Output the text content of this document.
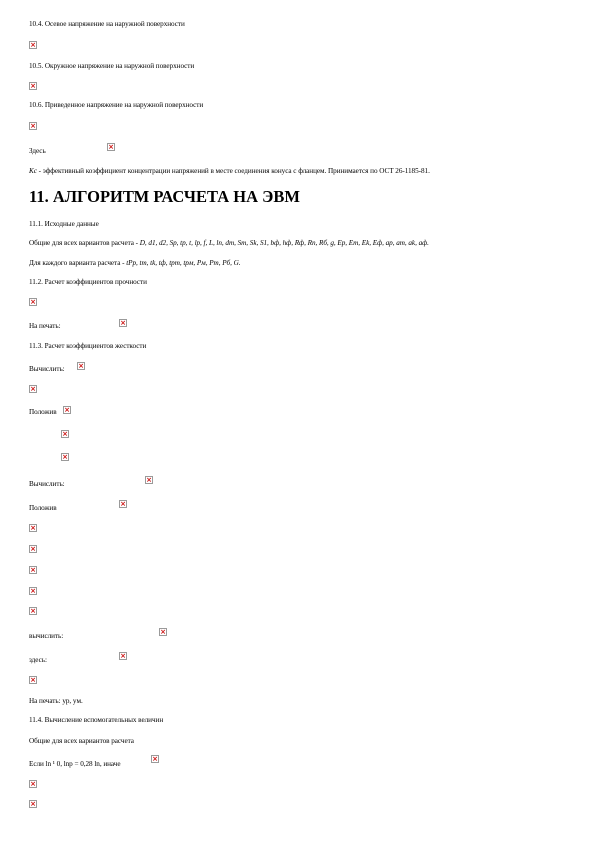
10.4. Осевое напряжение на наружной поверхности
×
10.5. Окружное напряжение на наружной поверхности
×
10.6. Приведенное напряжение на наружной поверхности
×
Здесь	×
Kc - эффективный коэффициент концентрации напряжений в месте соединения конуса с фланцем. Принимается по ОСТ 26-1185-81.
11. АЛГОРИТМ РАСЧЕТА НА ЭВМ
11.1. Исходные данные
Общие для всех вариантов расчета - D, d1, d2, Sp, tp, t, lp, f, L, ln, dm, Sm, Sk, S1, bф, hф, Rф, Rn, Rб, g, Ep, Em, Ek, Eф, ap, am, ak, aф.
Для каждого варианта расчета - tPp, tm, tk, tф, tpm, tpм, Pм, Pm, Pб, G.
11.2. Расчет коэффициентов прочности
×
На печать:	×
11.3. Расчет коэффициентов жесткости
Вычислить: ×
×
Положив ×
×
×
Вычислить:	×
Положив	×
×
×
×
×
×
вычислить:	×
здесь:	×
×
На печать: yp, yм.
11.4. Вычисление вспомогательных величин
Общие для всех вариантов расчета
Если ln ¹ 0, lnp = 0,28 ln, иначе
×
×
×
